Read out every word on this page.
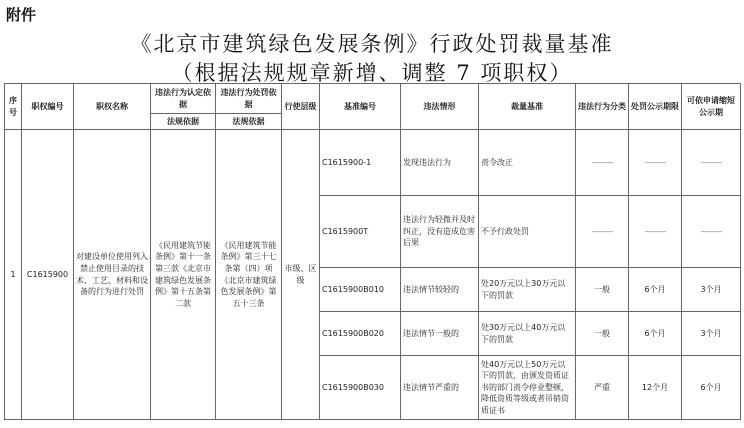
附件
《北京市建筑绿色发展条例》行政处罚裁量基准
（根据法规规章新增、调整 7 项职权）
序号	职权编号	职权名称	违法行为认定依据	违法行为处罚依据	行使层级	基准编号	违法情形	裁量基准	违法行为分类	处罚公示期限	可依申请缩短公示期
			法规依据	法规依据							
1	C1615900	对建设单位使用列入禁止使用目录的技术、工艺、材料和设备的行为进行处罚	《民用建筑节能条例》第十一条第三款《北京市建筑绿色发展条例》第十五条第二款	《民用建筑节能条例》第三十七条第（四）项《北京市建筑绿色发展条例》第五十三条	市级、区级	C1615900-1	发现违法行为	责令改正	———	———	———
						C1615900T	违法行为轻微并及时纠正，没有造成危害后果	不予行政处罚	———	———	———
						C1615900B010	违法情节较轻的	处20万元以上30万元以下的罚款	一般	6个月	3个月
						C1615900B020	违法情节一般的	处30万元以上40万元以下的罚款	一般	6个月	3个月
						C1615900B030	违法情节严重的	处40万元以上50万元以下的罚款，由颁发资质证书的部门责令停业整顿，降低资质等级或者吊销资质证书	严重	12个月	6个月
